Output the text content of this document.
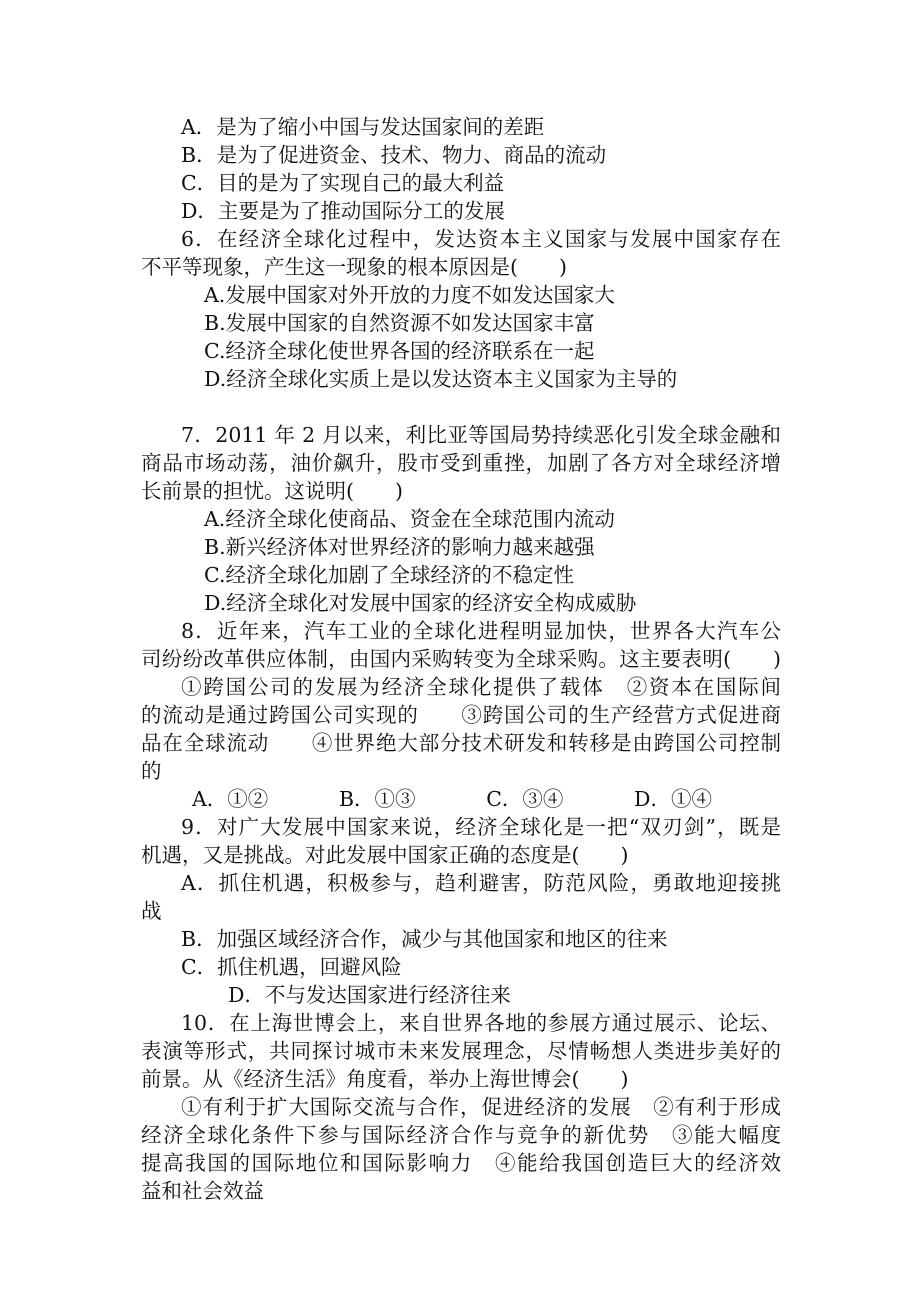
A．是为了缩小中国与发达国家间的差距
B．是为了促进资金、技术、物力、商品的流动
C．目的是为了实现自己的最大利益
D．主要是为了推动国际分工的发展
6．在经济全球化过程中，发达资本主义国家与发展中国家存在
不平等现象，产生这一现象的根本原因是(　　)
A.发展中国家对外开放的力度不如发达国家大
B.发展中国家的自然资源不如发达国家丰富
C.经济全球化使世界各国的经济联系在一起
D.经济全球化实质上是以发达资本主义国家为主导的
7．2011 年 2 月以来，利比亚等国局势持续恶化引发全球金融和
商品市场动荡，油价飙升，股市受到重挫，加剧了各方对全球经济增
长前景的担忧。这说明(　　)
A.经济全球化使商品、资金在全球范围内流动
B.新兴经济体对世界经济的影响力越来越强
C.经济全球化加剧了全球经济的不稳定性
D.经济全球化对发展中国家的经济安全构成威胁
8．近年来，汽车工业的全球化进程明显加快，世界各大汽车公
司纷纷改革供应体制，由国内采购转变为全球采购。这主要表明(　　)
①跨国公司的发展为经济全球化提供了载体　②资本在国际间
的流动是通过跨国公司实现的　　③跨国公司的生产经营方式促进商
品在全球流动　　④世界绝大部分技术研发和转移是由跨国公司控制
的
A．①②	B．①③	C．③④	D．①④
9．对广大发展中国家来说，经济全球化是一把“双刃剑”，既是
机遇，又是挑战。对此发展中国家正确的态度是(　　)
A．抓住机遇，积极参与，趋利避害，防范风险，勇敢地迎接挑
战
B．加强区域经济合作，减少与其他国家和地区的往来
C．抓住机遇，回避风险
D．不与发达国家进行经济往来
10．在上海世博会上，来自世界各地的参展方通过展示、论坛、
表演等形式，共同探讨城市未来发展理念，尽情畅想人类进步美好的
前景。从《经济生活》角度看，举办上海世博会(　　)
①有利于扩大国际交流与合作，促进经济的发展　②有利于形成
经济全球化条件下参与国际经济合作与竞争的新优势　③能大幅度
提高我国的国际地位和国际影响力　④能给我国创造巨大的经济效
益和社会效益
